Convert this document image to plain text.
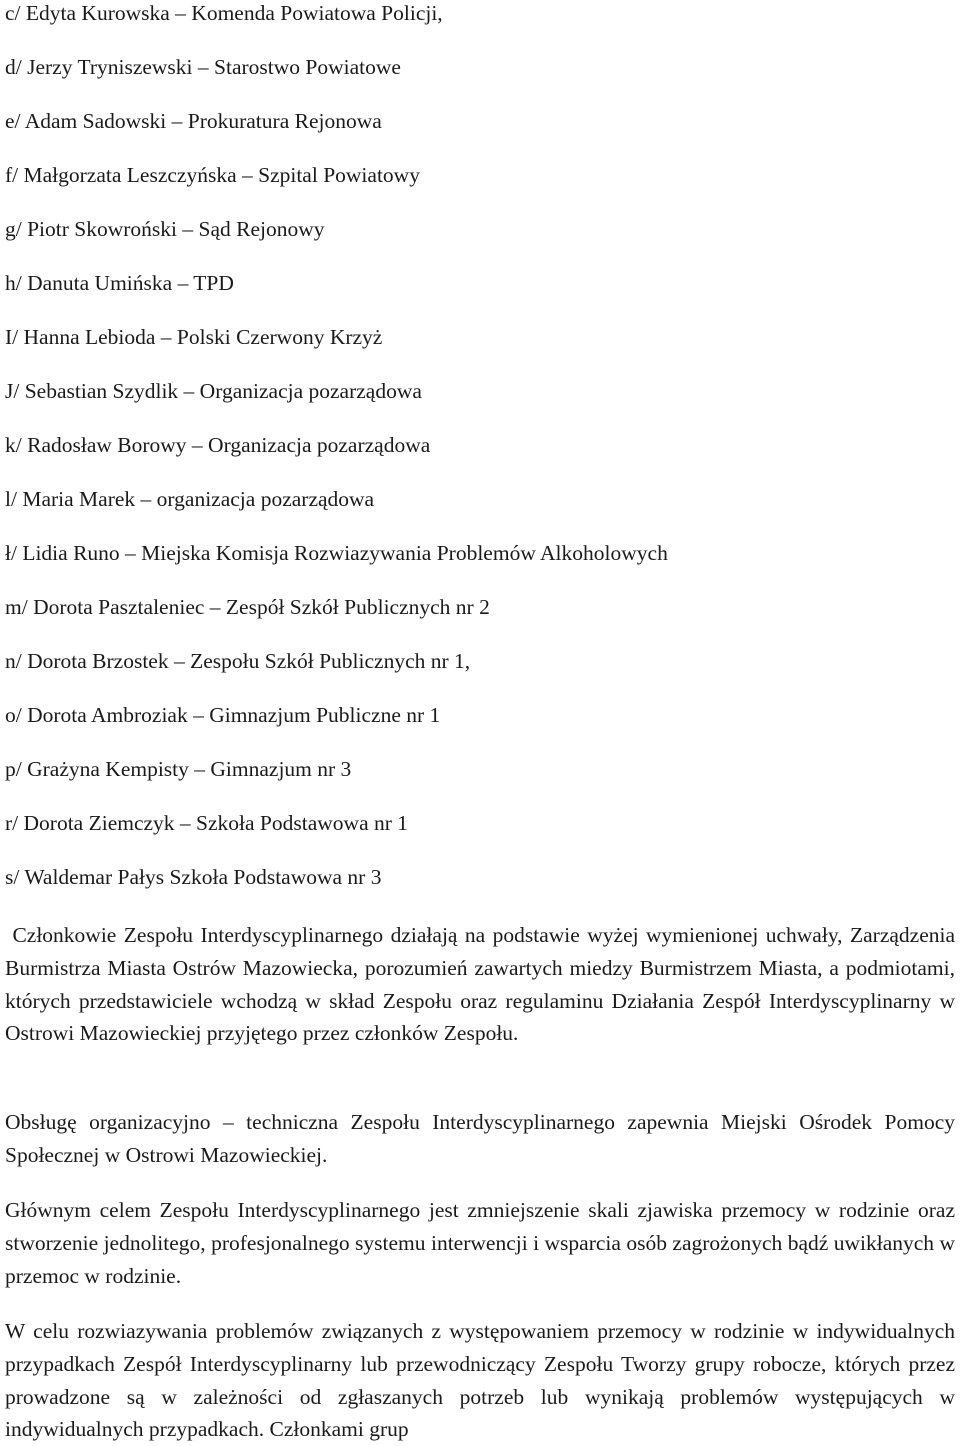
c/ Edyta Kurowska – Komenda Powiatowa Policji,
d/ Jerzy Tryniszewski – Starostwo Powiatowe
e/ Adam Sadowski – Prokuratura Rejonowa
f/ Małgorzata Leszczyńska – Szpital Powiatowy
g/ Piotr Skowroński – Sąd Rejonowy
h/ Danuta Umińska – TPD
I/ Hanna Lebioda – Polski Czerwony Krzyż
J/ Sebastian Szydlik – Organizacja pozarządowa
k/ Radosław Borowy – Organizacja pozarządowa
l/ Maria Marek – organizacja pozarządowa
ł/ Lidia Runo – Miejska Komisja Rozwiazywania Problemów Alkoholowych
m/ Dorota Pasztaleniec – Zespół Szkół Publicznych nr 2
n/ Dorota Brzostek – Zespołu Szkół Publicznych nr 1,
o/ Dorota Ambroziak – Gimnazjum Publiczne nr 1
p/ Grażyna Kempisty – Gimnazjum nr 3
r/ Dorota Ziemczyk – Szkoła Podstawowa nr 1
s/ Waldemar Pałys Szkoła Podstawowa nr 3

Członkowie Zespołu Interdyscyplinarnego działają na podstawie wyżej wymienionej uchwały, Zarządzenia Burmistrza Miasta Ostrów Mazowiecka, porozumień zawartych miedzy Burmistrzem Miasta, a podmiotami, których przedstawiciele wchodzą w skład Zespołu oraz regulaminu Działania Zespół Interdyscyplinarny w Ostrowi Mazowieckiej przyjętego przez członków Zespołu.

Obsługę organizacyjno – techniczna Zespołu Interdyscyplinarnego zapewnia Miejski Ośrodek Pomocy Społecznej w Ostrowi Mazowieckiej.

Głównym celem Zespołu Interdyscyplinarnego jest zmniejszenie skali zjawiska przemocy w rodzinie oraz stworzenie jednolitego, profesjonalnego systemu interwencji i wsparcia osób zagrożonych bądź uwikłanych w przemoc w rodzinie.

W celu rozwiazywania problemów związanych z występowaniem przemocy w rodzinie w indywidualnych przypadkach Zespół Interdyscyplinarny lub przewodniczący Zespołu Tworzy grupy robocze, których przez prowadzone są w zależności od zgłaszanych potrzeb lub wynikają problemów występujących w indywidualnych przypadkach. Członkami grup
